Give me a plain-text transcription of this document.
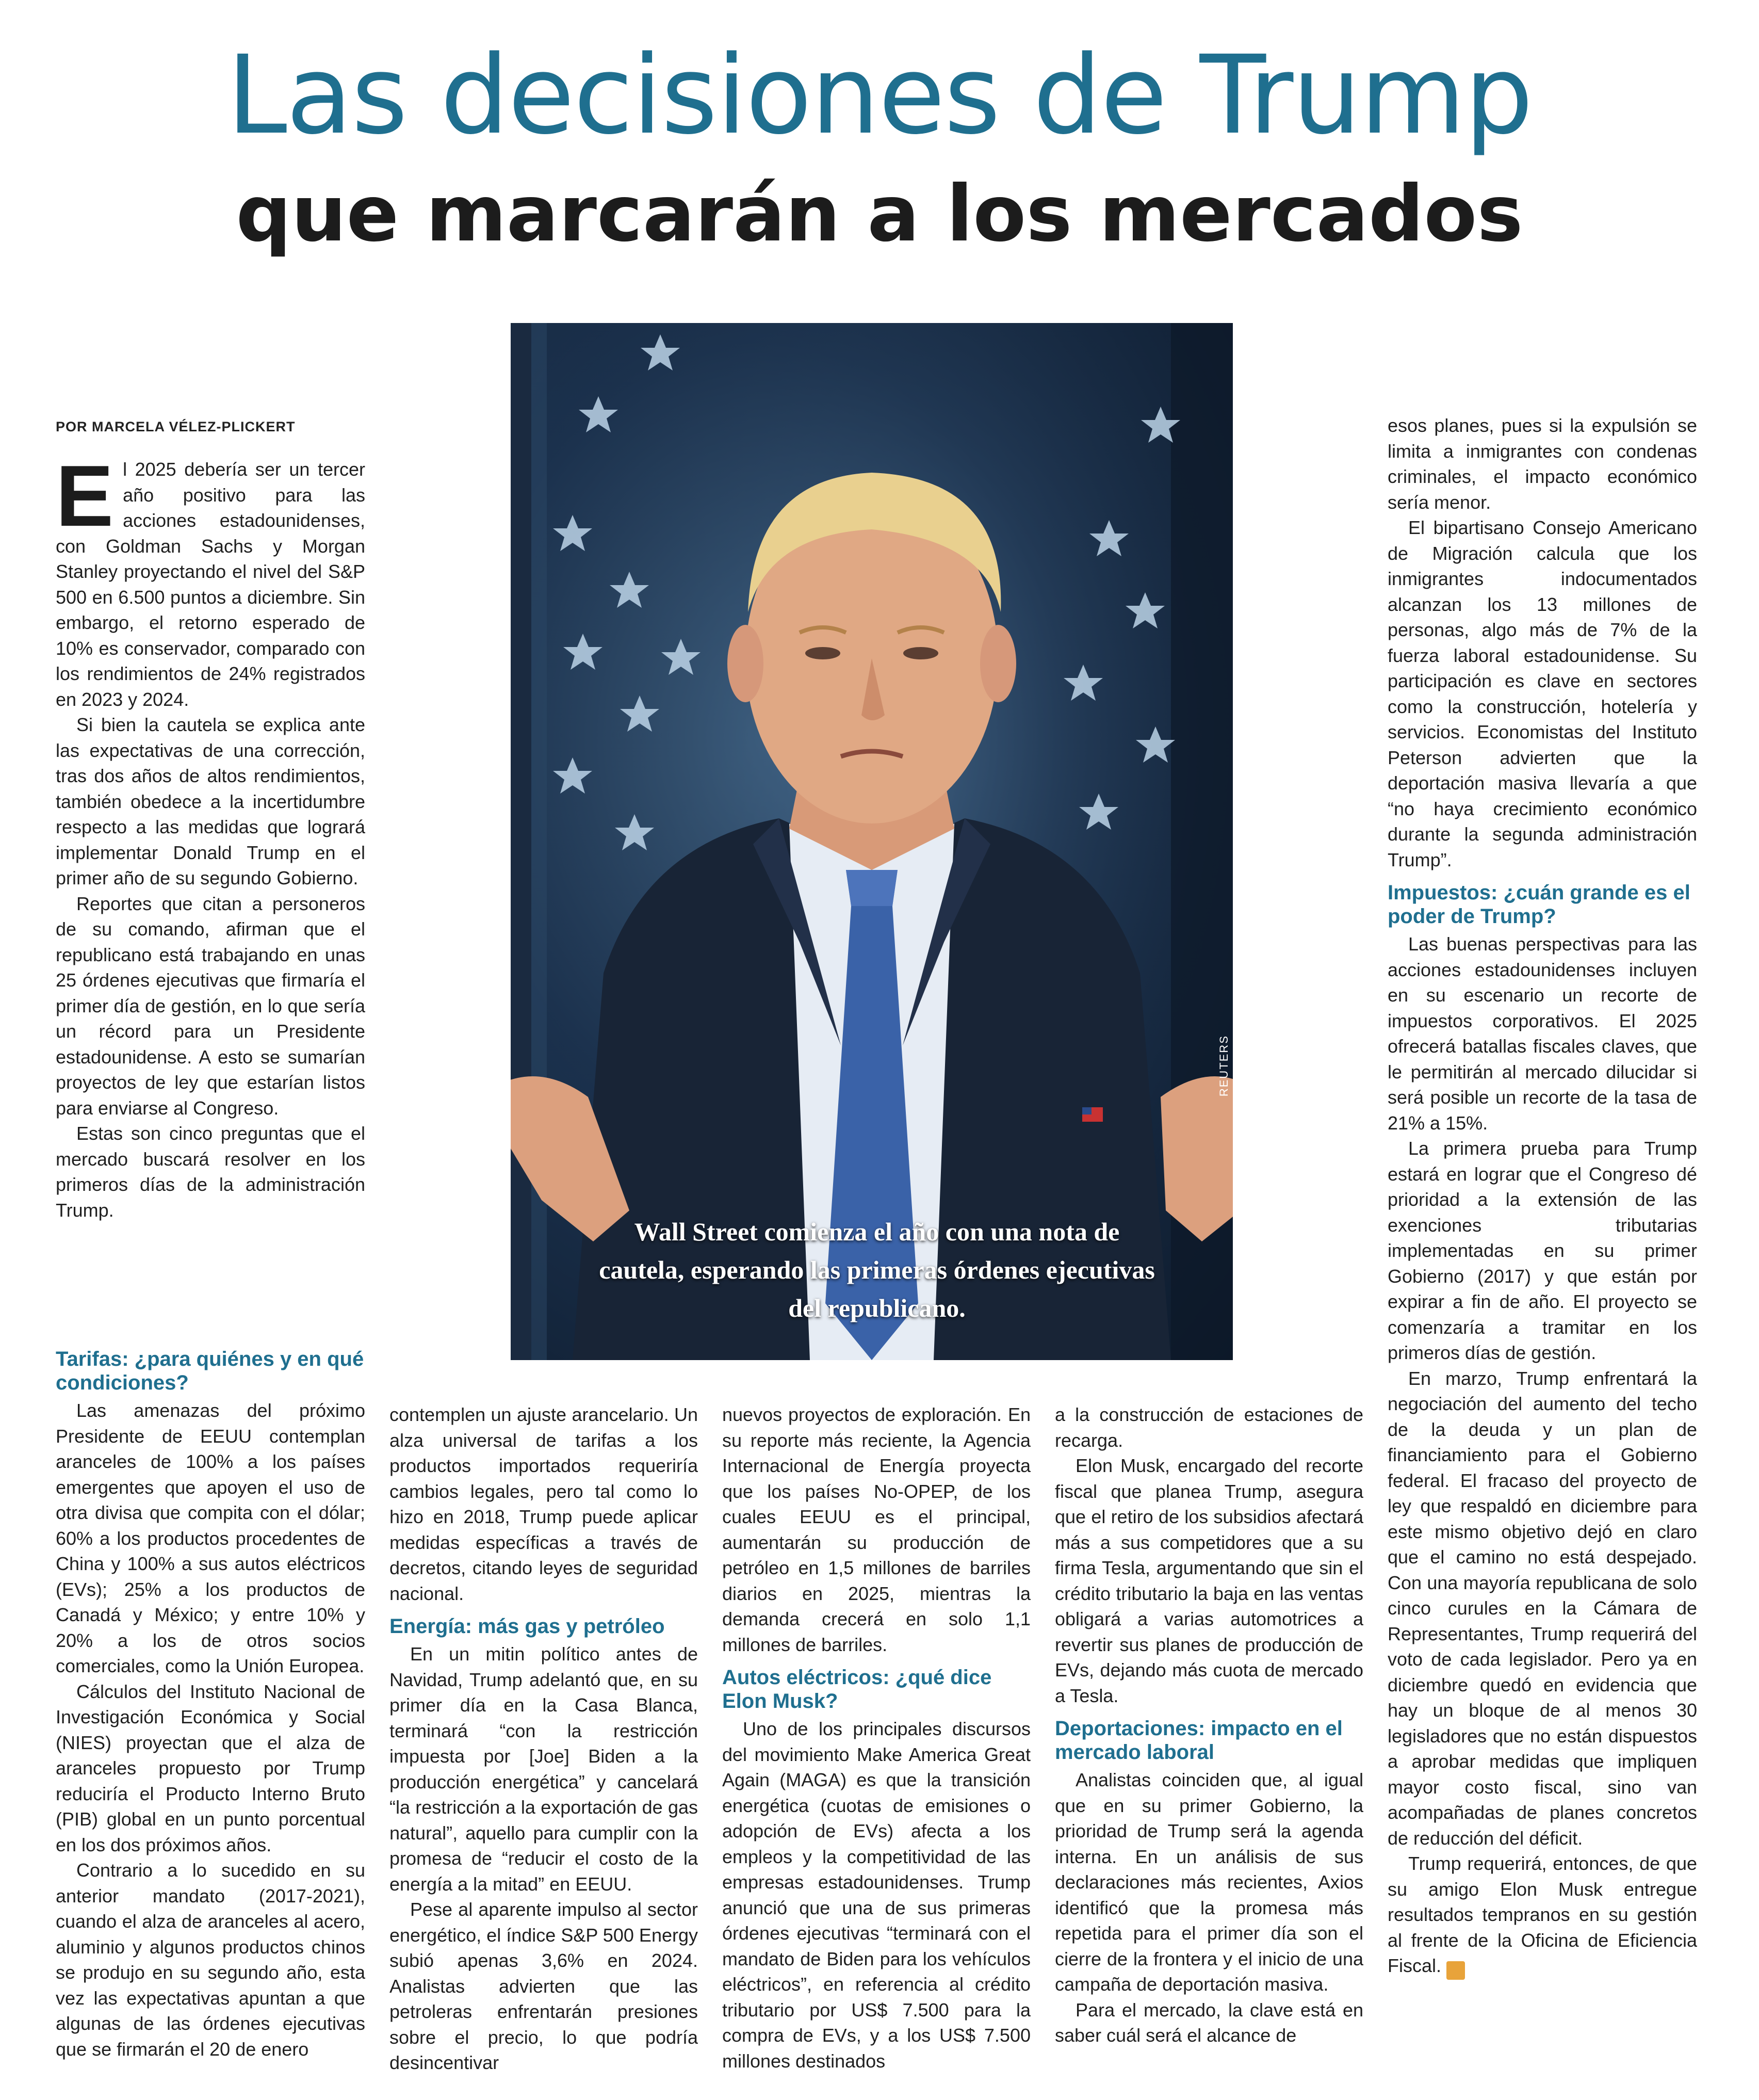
Las decisiones de Trump
que marcarán a los mercados
POR MARCELA VÉLEZ-PLICKERT
REUTERS
Wall Street comienza el año con una nota de cautela, esperando las primeras órdenes ejecutivas del republicano.

El 2025 debería ser un tercer año positivo para las acciones estadounidenses, con Goldman Sachs y Morgan Stanley proyectando el nivel del S&P 500 en 6.500 puntos a diciembre. Sin embargo, el retorno esperado de 10% es conservador, comparado con los rendimientos de 24% registrados en 2023 y 2024.

Si bien la cautela se explica ante las expectativas de una corrección, tras dos años de altos rendimientos, también obedece a la incertidumbre respecto a las medidas que logrará implementar Donald Trump en el primer año de su segundo Gobierno.

Reportes que citan a personeros de su comando, afirman que el republicano está trabajando en unas 25 órdenes ejecutivas que firmaría el primer día de gestión, en lo que sería un récord para un Presidente estadounidense. A esto se sumarían proyectos de ley que estarían listos para enviarse al Congreso.

Estas son cinco preguntas que el mercado buscará resolver en los primeros días de la administración Trump.

Tarifas: ¿para quiénes y en qué condiciones?

Las amenazas del próximo Presidente de EEUU contemplan aranceles de 100% a los países emergentes que apoyen el uso de otra divisa que compita con el dólar; 60% a los productos procedentes de China y 100% a sus autos eléctricos (EVs); 25% a los productos de Canadá y México; y entre 10% y 20% a los de otros socios comerciales, como la Unión Europea.

Cálculos del Instituto Nacional de Investigación Económica y Social (NIES) proyectan que el alza de aranceles propuesto por Trump reduciría el Producto Interno Bruto (PIB) global en un punto porcentual en los dos próximos años.

Contrario a lo sucedido en su anterior mandato (2017-2021), cuando el alza de aranceles al acero, aluminio y algunos productos chinos se produjo en su segundo año, esta vez las expectativas apuntan a que algunas de las órdenes ejecutivas que se firmarán el 20 de enero

contemplen un ajuste arancelario. Un alza universal de tarifas a los productos importados requeriría cambios legales, pero tal como lo hizo en 2018, Trump puede aplicar medidas específicas a través de decretos, citando leyes de seguridad nacional.

Energía: más gas y petróleo

En un mitin político antes de Navidad, Trump adelantó que, en su primer día en la Casa Blanca, terminará “con la restricción impuesta por [Joe] Biden a la producción energética” y cancelará “la restricción a la exportación de gas natural”, aquello para cumplir con la promesa de “reducir el costo de la energía a la mitad” en EEUU.

Pese al aparente impulso al sector energético, el índice S&P 500 Energy subió apenas 3,6% en 2024. Analistas advierten que las petroleras enfrentarán presiones sobre el precio, lo que podría desincentivar

nuevos proyectos de exploración. En su reporte más reciente, la Agencia Internacional de Energía proyecta que los países No-OPEP, de los cuales EEUU es el principal, aumentarán su producción de petróleo en 1,5 millones de barriles diarios en 2025, mientras la demanda crecerá en solo 1,1 millones de barriles.

Autos eléctricos: ¿qué dice Elon Musk?

Uno de los principales discursos del movimiento Make America Great Again (MAGA) es que la transición energética (cuotas de emisiones o adopción de EVs) afecta a los empleos y la competitividad de las empresas estadounidenses. Trump anunció que una de sus primeras órdenes ejecutivas “terminará con el mandato de Biden para los vehículos eléctricos”, en referencia al crédito tributario por US$ 7.500 para la compra de EVs, y a los US$ 7.500 millones destinados

a la construcción de estaciones de recarga.

Elon Musk, encargado del recorte fiscal que planea Trump, asegura que el retiro de los subsidios afectará más a sus competidores que a su firma Tesla, argumentando que sin el crédito tributario la baja en las ventas obligará a varias automotrices a revertir sus planes de producción de EVs, dejando más cuota de mercado a Tesla.

Deportaciones: impacto en el mercado laboral

Analistas coinciden que, al igual que en su primer Gobierno, la prioridad de Trump será la agenda interna. En un análisis de sus declaraciones más recientes, Axios identificó que la promesa más repetida para el primer día son el cierre de la frontera y el inicio de una campaña de deportación masiva.

Para el mercado, la clave está en saber cuál será el alcance de

esos planes, pues si la expulsión se limita a inmigrantes con condenas criminales, el impacto económico sería menor.

El bipartisano Consejo Americano de Migración calcula que los inmigrantes indocumentados alcanzan los 13 millones de personas, algo más de 7% de la fuerza laboral estadounidense. Su participación es clave en sectores como la construcción, hotelería y servicios. Economistas del Instituto Peterson advierten que la deportación masiva llevaría a que “no haya crecimiento económico durante la segunda administración Trump”.

Impuestos: ¿cuán grande es el poder de Trump?

Las buenas perspectivas para las acciones estadounidenses incluyen en su escenario un recorte de impuestos corporativos. El 2025 ofrecerá batallas fiscales claves, que le permitirán al mercado dilucidar si será posible un recorte de la tasa de 21% a 15%.

La primera prueba para Trump estará en lograr que el Congreso dé prioridad a la extensión de las exenciones tributarias implementadas en su primer Gobierno (2017) y que están por expirar a fin de año. El proyecto se comenzaría a tramitar en los primeros días de gestión.

En marzo, Trump enfrentará la negociación del aumento del techo de la deuda y un plan de financiamiento para el Gobierno federal. El fracaso del proyecto de ley que respaldó en diciembre para este mismo objetivo dejó en claro que el camino no está despejado. Con una mayoría republicana de solo cinco curules en la Cámara de Representantes, Trump requerirá del voto de cada legislador. Pero ya en diciembre quedó en evidencia que hay un bloque de al menos 30 legisladores que no están dispuestos a aprobar medidas que impliquen mayor costo fiscal, sino van acompañadas de planes concretos de reducción del déficit.

Trump requerirá, entonces, de que su amigo Elon Musk entregue resultados tempranos en su gestión al frente de la Oficina de Eficiencia Fiscal. S
